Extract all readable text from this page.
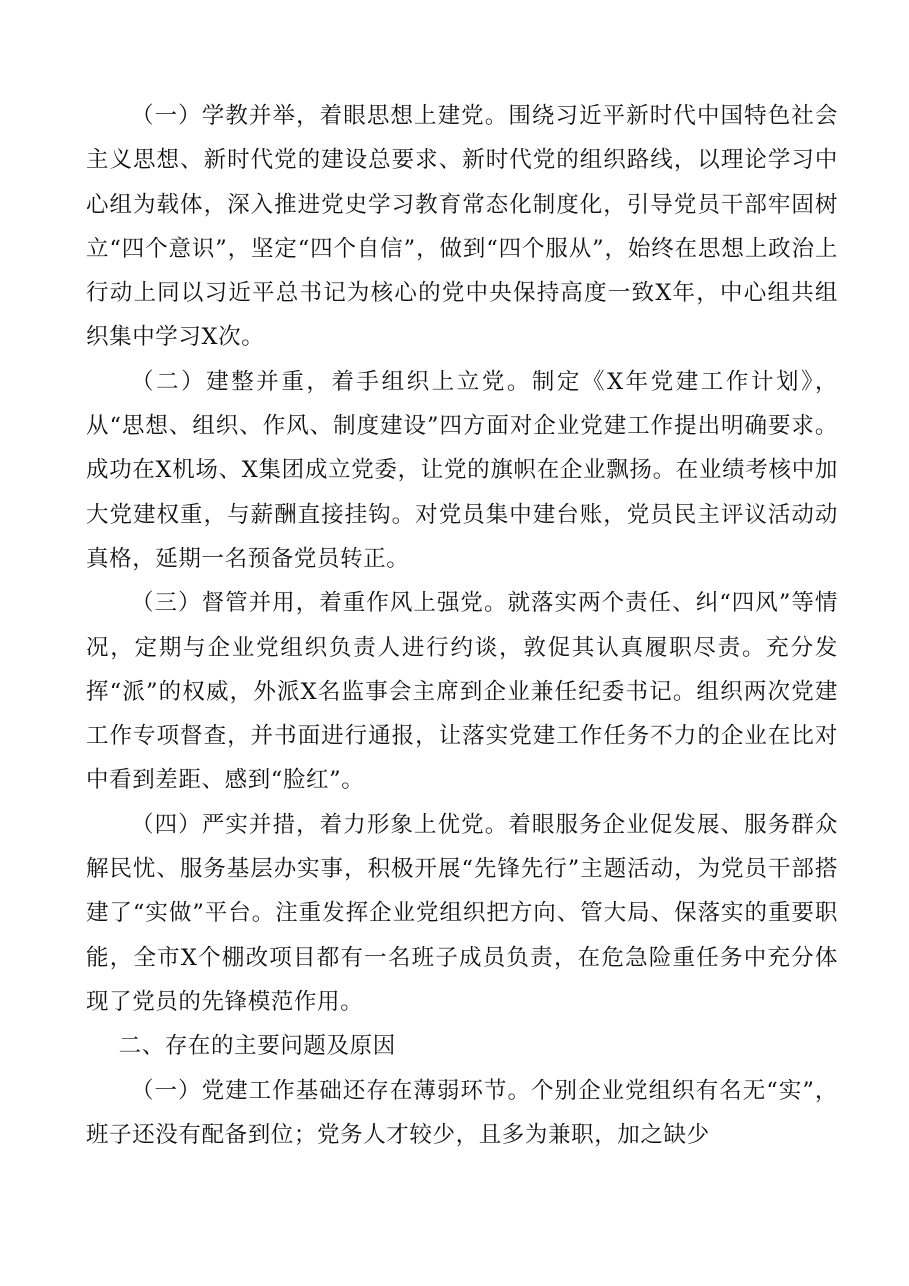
（一）学教并举，着眼思想上建党。围绕习近平新时代中国特色社会主义思想、新时代党的建设总要求、新时代党的组织路线，以理论学习中心组为载体，深入推进党史学习教育常态化制度化，引导党员干部牢固树立“四个意识”，坚定“四个自信”，做到“四个服从”，始终在思想上政治上行动上同以习近平总书记为核心的党中央保持高度一致X年，中心组共组织集中学习X次。

（二）建整并重，着手组织上立党。制定《X年党建工作计划》，从“思想、组织、作风、制度建设”四方面对企业党建工作提出明确要求。成功在X机场、X集团成立党委，让党的旗帜在企业飘扬。在业绩考核中加大党建权重，与薪酬直接挂钩。对党员集中建台账，党员民主评议活动动真格，延期一名预备党员转正。

（三）督管并用，着重作风上强党。就落实两个责任、纠“四风”等情况，定期与企业党组织负责人进行约谈，敦促其认真履职尽责。充分发挥“派”的权威，外派X名监事会主席到企业兼任纪委书记。组织两次党建工作专项督查，并书面进行通报，让落实党建工作任务不力的企业在比对中看到差距、感到“脸红”。

（四）严实并措，着力形象上优党。着眼服务企业促发展、服务群众解民忧、服务基层办实事，积极开展“先锋先行”主题活动，为党员干部搭建了“实做”平台。注重发挥企业党组织把方向、管大局、保落实的重要职能，全市X个棚改项目都有一名班子成员负责，在危急险重任务中充分体现了党员的先锋模范作用。

二、存在的主要问题及原因

（一）党建工作基础还存在薄弱环节。个别企业党组织有名无“实”，班子还没有配备到位；党务人才较少，且多为兼职，加之缺少
